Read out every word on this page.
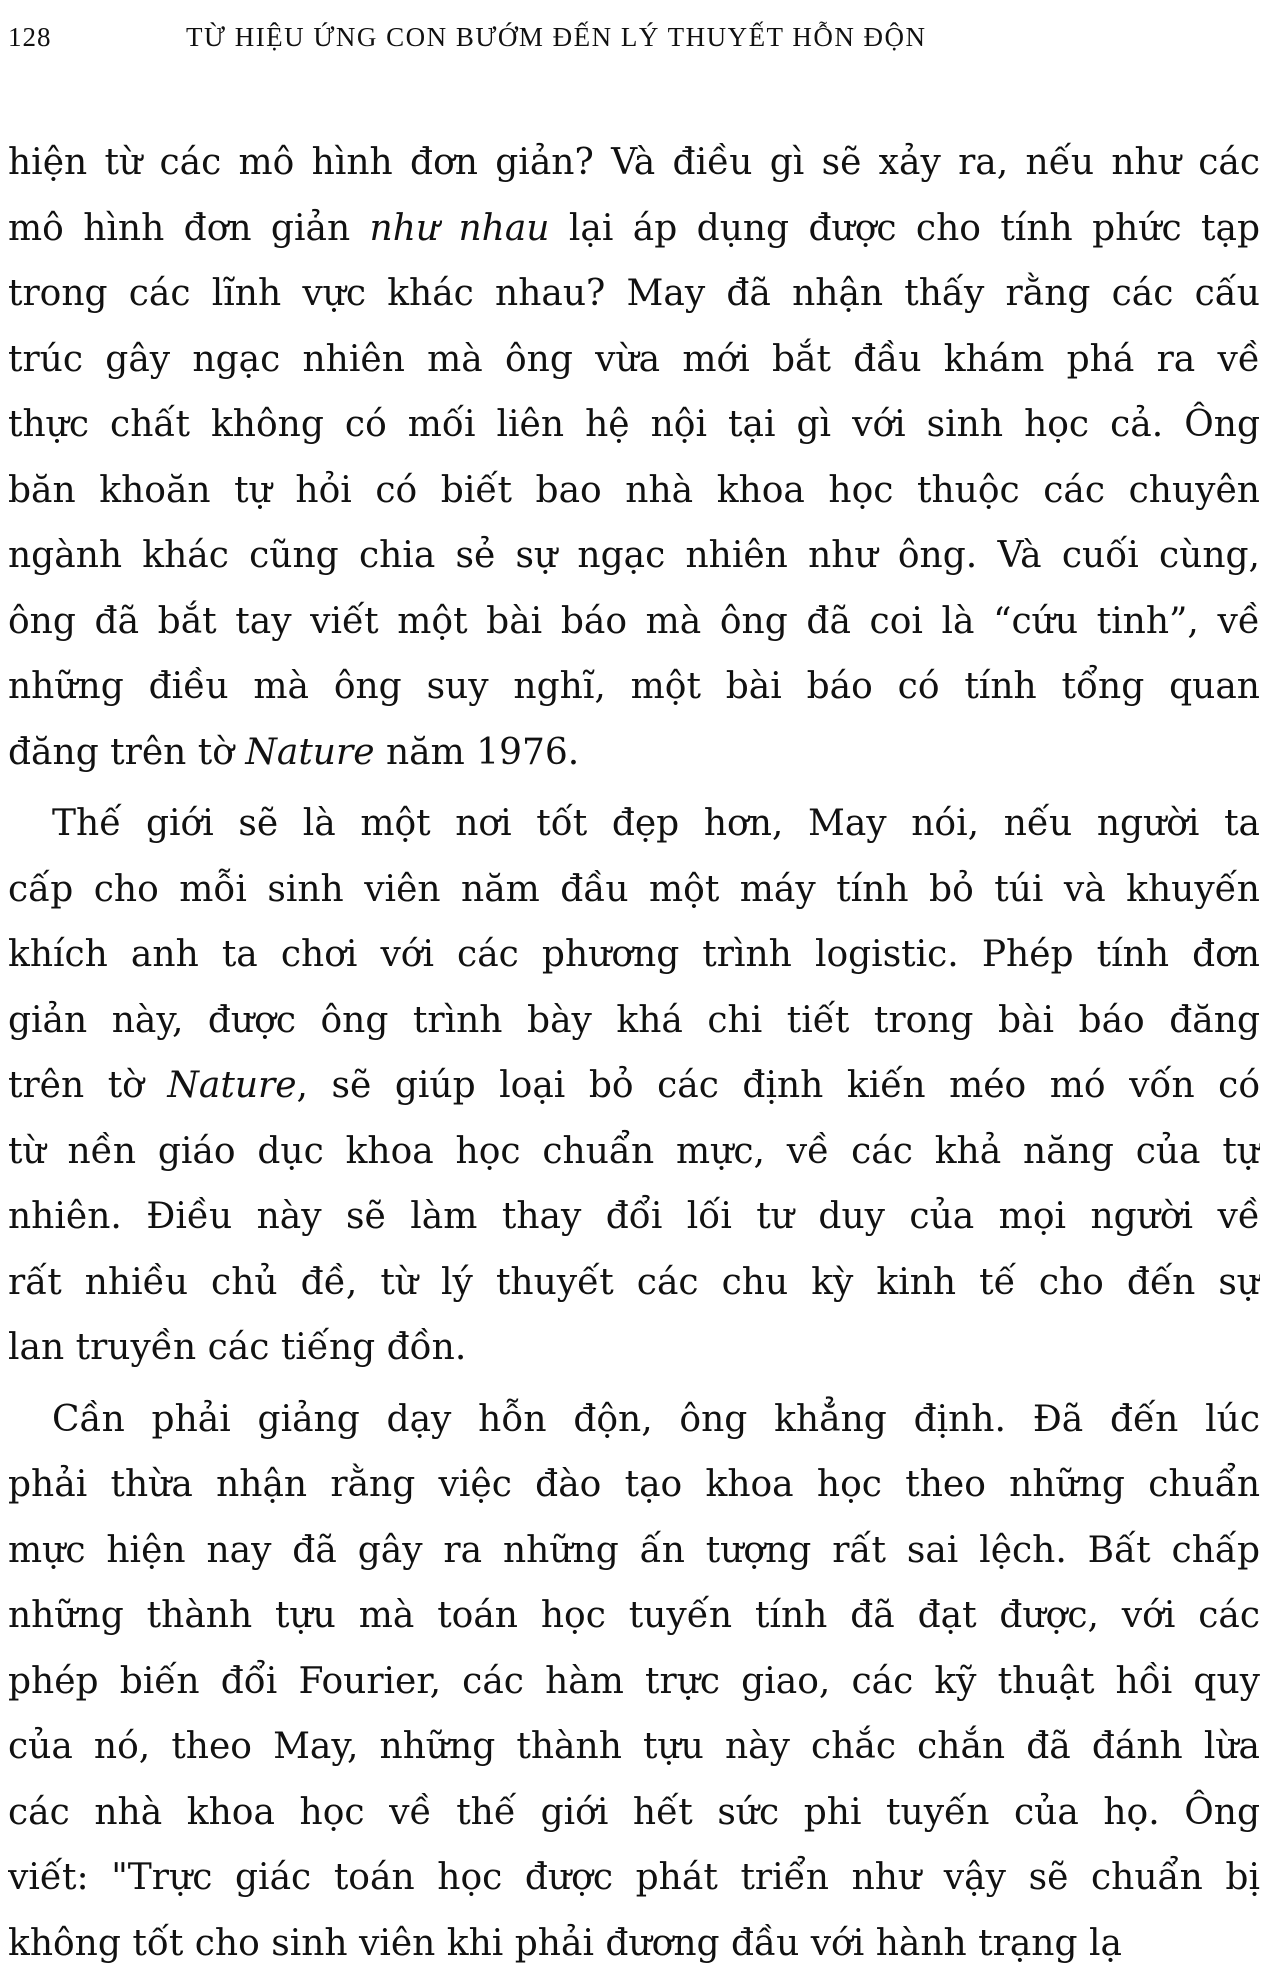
128	TỪ HIỆU ỨNG CON BƯỚM ĐẾN LÝ THUYẾT HỖN ĐỘN
hiện từ các mô hình đơn giản? Và điều gì sẽ xảy ra, nếu như các
mô hình đơn giản như nhau lại áp dụng được cho tính phức tạp
trong các lĩnh vực khác nhau? May đã nhận thấy rằng các cấu
trúc gây ngạc nhiên mà ông vừa mới bắt đầu khám phá ra về
thực chất không có mối liên hệ nội tại gì với sinh học cả. Ông
băn khoăn tự hỏi có biết bao nhà khoa học thuộc các chuyên
ngành khác cũng chia sẻ sự ngạc nhiên như ông. Và cuối cùng,
ông đã bắt tay viết một bài báo mà ông đã coi là “cứu tinh”, về
những điều mà ông suy nghĩ, một bài báo có tính tổng quan
đăng trên tờ Nature năm 1976.
Thế giới sẽ là một nơi tốt đẹp hơn, May nói, nếu người ta
cấp cho mỗi sinh viên năm đầu một máy tính bỏ túi và khuyến
khích anh ta chơi với các phương trình logistic. Phép tính đơn
giản này, được ông trình bày khá chi tiết trong bài báo đăng
trên tờ Nature, sẽ giúp loại bỏ các định kiến méo mó vốn có
từ nền giáo dục khoa học chuẩn mực, về các khả năng của tự
nhiên. Điều này sẽ làm thay đổi lối tư duy của mọi người về
rất nhiều chủ đề, từ lý thuyết các chu kỳ kinh tế cho đến sự
lan truyền các tiếng đồn.
Cần phải giảng dạy hỗn độn, ông khẳng định. Đã đến lúc
phải thừa nhận rằng việc đào tạo khoa học theo những chuẩn
mực hiện nay đã gây ra những ấn tượng rất sai lệch. Bất chấp
những thành tựu mà toán học tuyến tính đã đạt được, với các
phép biến đổi Fourier, các hàm trực giao, các kỹ thuật hồi quy
của nó, theo May, những thành tựu này chắc chắn đã đánh lừa
các nhà khoa học về thế giới hết sức phi tuyến của họ. Ông
viết: "Trực giác toán học được phát triển như vậy sẽ chuẩn bị
không tốt cho sinh viên khi phải đương đầu với hành trạng lạ
